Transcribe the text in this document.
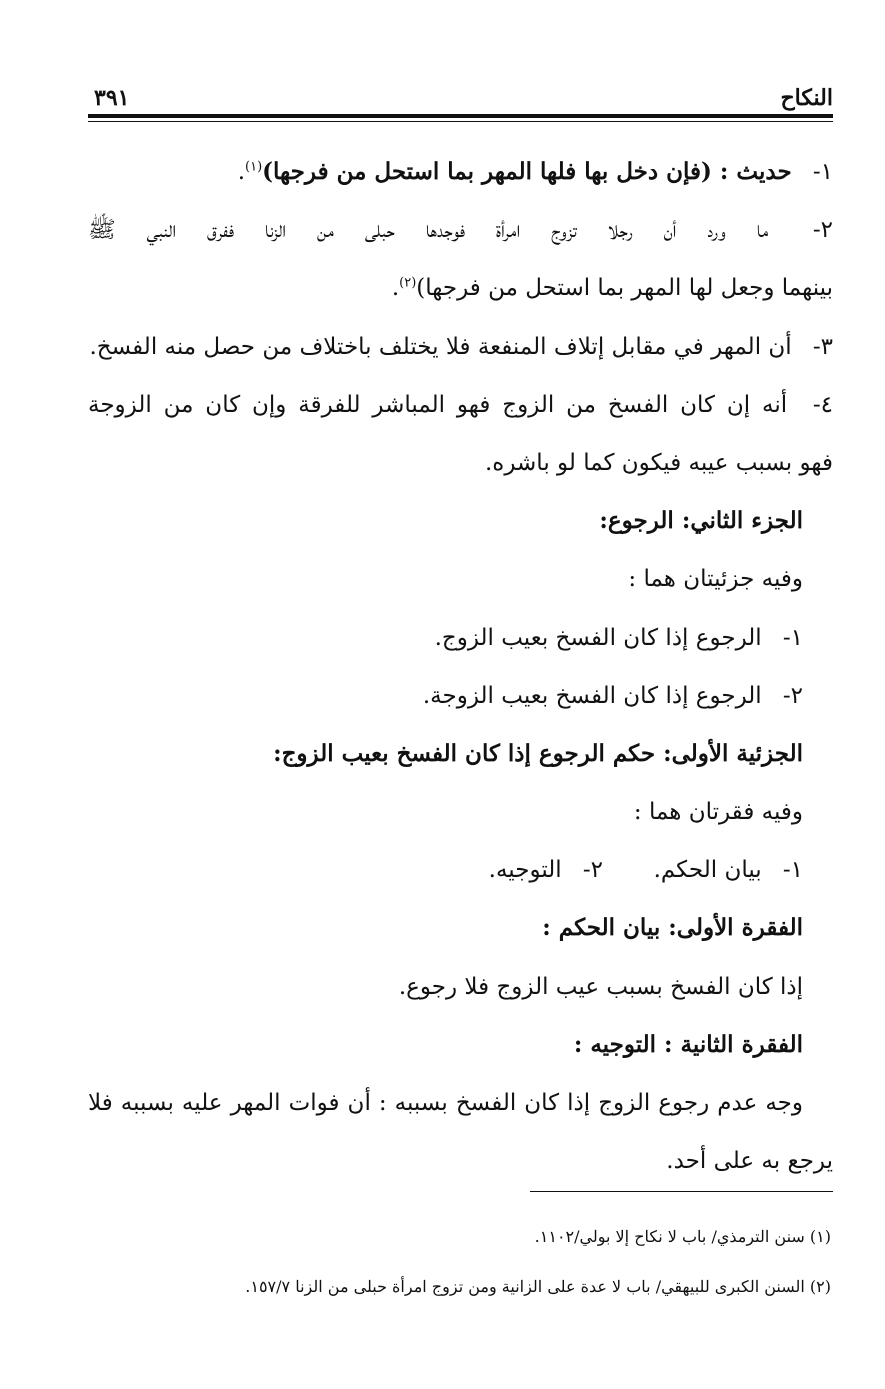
النكاح
٣٩١
١- حديث : (فإن دخل بها فلها المهر بما استحل من فرجها)$^{(١)}$.
٢- ما ورد أن رجلا تزوج امرأة فوجدها حبلى من الزنا ففرق النبي ﷺ
بينهما وجعل لها المهر بما استحل من فرجها)$^{(٢)}$.
٣- أن المهر في مقابل إتلاف المنفعة فلا يختلف باختلاف من حصل منه الفسخ.
٤- أنه إن كان الفسخ من الزوج فهو المباشر للفرقة وإن كان من الزوجة
فهو بسبب عيبه فيكون كما لو باشره.
الجزء الثاني: الرجوع:
وفيه جزئيتان هما :
١- الرجوع إذا كان الفسخ بعيب الزوج.
٢- الرجوع إذا كان الفسخ بعيب الزوجة.
الجزئية الأولى: حكم الرجوع إذا كان الفسخ بعيب الزوج:
وفيه فقرتان هما :
١- بيان الحكم.
٢- التوجيه.
الفقرة الأولى: بيان الحكم :
إذا كان الفسخ بسبب عيب الزوج فلا رجوع.
الفقرة الثانية : التوجيه :
وجه عدم رجوع الزوج إذا كان الفسخ بسببه : أن فوات المهر عليه بسببه فلا
يرجع به على أحد.
(١) سنن الترمذي/ باب لا نكاح إلا بولي/١١٠٢.
(٢) السنن الكبرى للبيهقي/ باب لا عدة على الزانية ومن تزوج امرأة حبلى من الزنا ١٥٧/٧.
